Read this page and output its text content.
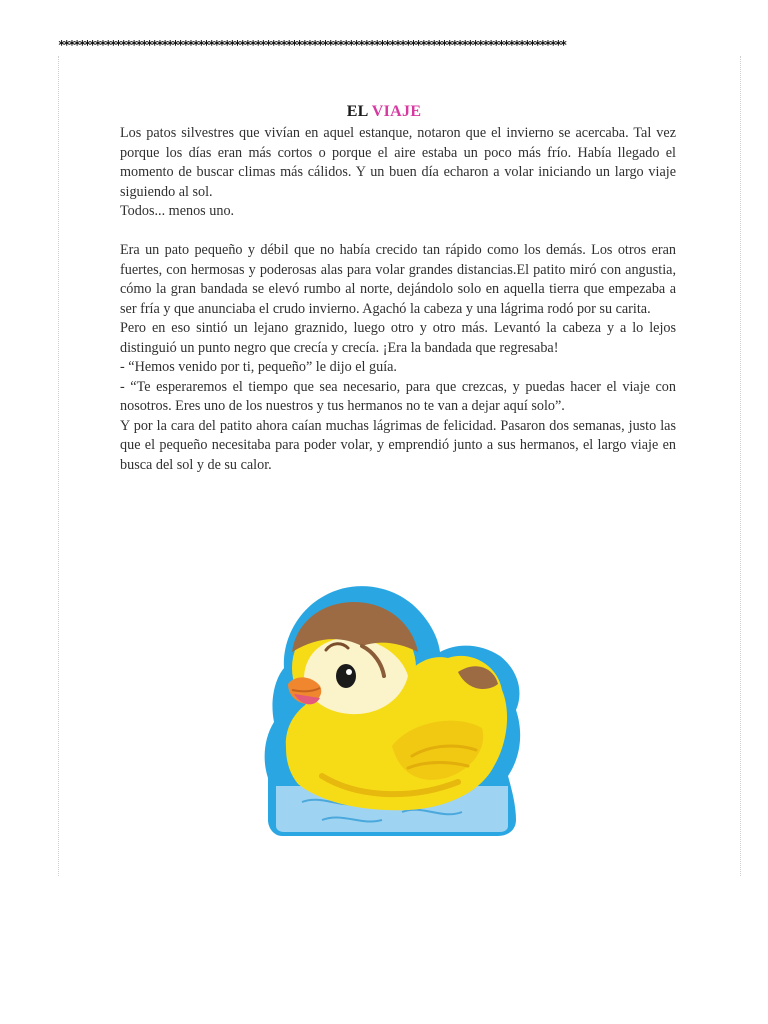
**************************************************************************************************
EL VIAJE

Los patos silvestres que vivían en aquel estanque, notaron que el invierno se acercaba. Tal vez porque los días eran más cortos o porque el aire estaba un poco más frío. Había llegado el momento de buscar climas más cálidos. Y un buen día echaron a volar iniciando un largo viaje siguiendo al sol.

Todos... menos uno.

Era un pato pequeño y débil que no había crecido tan rápido como los demás. Los otros eran fuertes, con hermosas y poderosas alas para volar grandes distancias.El patito miró con angustia, cómo la gran bandada se elevó rumbo al norte, dejándolo solo en aquella tierra que empezaba a ser fría y que anunciaba el crudo invierno. Agachó la cabeza y una lágrima rodó por su carita.

Pero en eso sintió un lejano graznido, luego otro y otro más. Levantó la cabeza y a lo lejos distinguió un punto negro que crecía y crecía. ¡Era la bandada que regresaba!

- “Hemos venido por ti, pequeño” le dijo el guía.

- “Te esperaremos el tiempo que sea necesario, para que crezcas, y puedas hacer el viaje con nosotros. Eres uno de los nuestros y tus hermanos no te van a dejar aquí solo”.

Y por la cara del patito ahora caían muchas lágrimas de felicidad. Pasaron dos semanas, justo las que el pequeño necesitaba para poder volar, y emprendió junto a sus hermanos, el largo viaje en busca del sol y de su calor.
